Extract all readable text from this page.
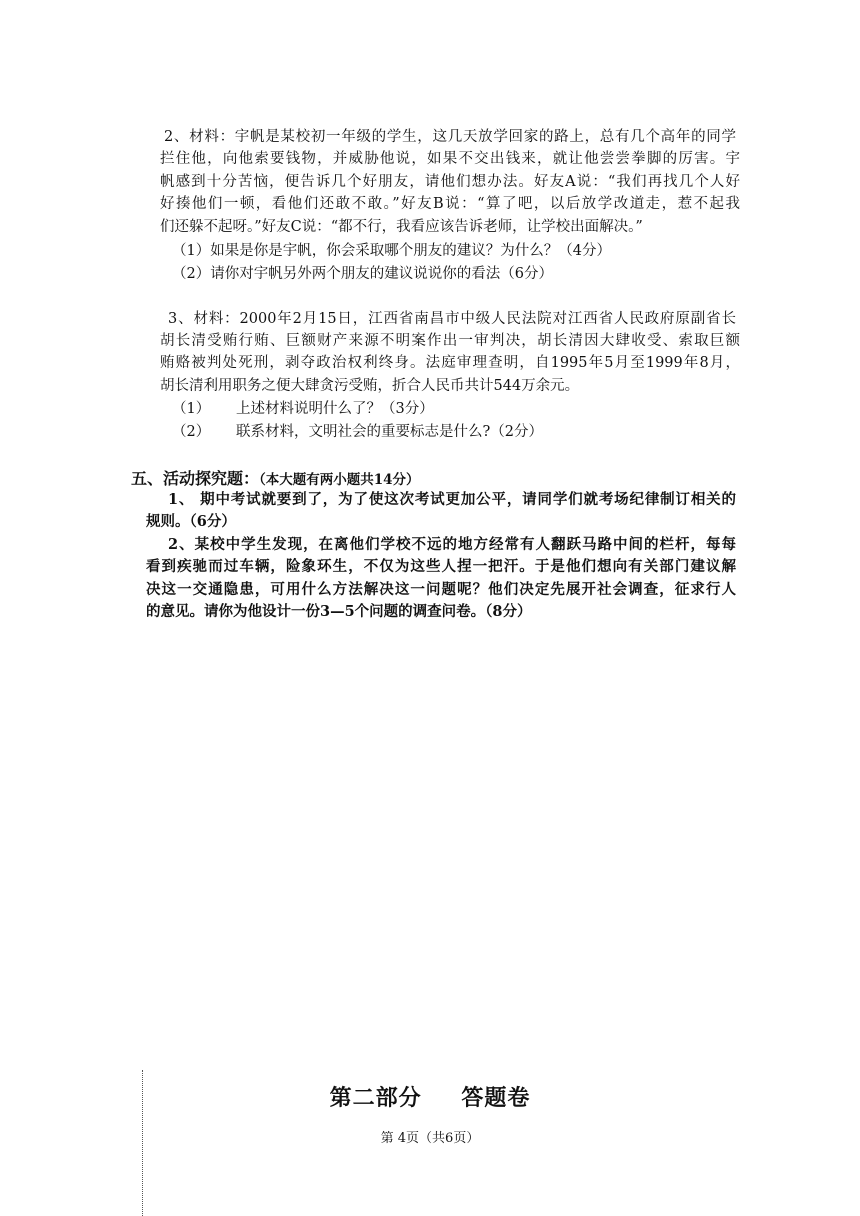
2、材料：宇帆是某校初一年级的学生，这几天放学回家的路上，总有几个高年的同学
拦住他，向他索要钱物，并威胁他说，如果不交出钱来，就让他尝尝拳脚的厉害。宇
帆感到十分苦恼，便告诉几个好朋友，请他们想办法。好友A说：“我们再找几个人好
好揍他们一顿，看他们还敢不敢。”好友B说：“算了吧，以后放学改道走，惹不起我
们还躲不起呀。”好友C说：“都不行，我看应该告诉老师，让学校出面解决。”
（1）如果是你是宇帆，你会采取哪个朋友的建议？为什么？（4分）
（2）请你对宇帆另外两个朋友的建议说说你的看法（6分）
3、材料：2000年2月15日，江西省南昌市中级人民法院对江西省人民政府原副省长
胡长清受贿行贿、巨额财产来源不明案作出一审判决，胡长清因大肆收受、索取巨额
贿赂被判处死刑，剥夺政治权利终身。法庭审理查明，自1995年5月至1999年8月，
胡长清利用职务之便大肆贪污受贿，折合人民币共计544万余元。
（1） 上述材料说明什么了？（3分）
（2） 联系材料，文明社会的重要标志是什么?（2分）
五、活动探究题：（本大题有两小题共14分）
1、 期中考试就要到了，为了使这次考试更加公平，请同学们就考场纪律制订相关的
规则。（6分）
2、某校中学生发现，在离他们学校不远的地方经常有人翻跃马路中间的栏杆，每每
看到疾驰而过车辆，险象环生，不仅为这些人捏一把汗。于是他们想向有关部门建议解
决这一交通隐患，可用什么方法解决这一问题呢？他们决定先展开社会调查，征求行人
的意见。请你为他设计一份3—5个问题的调查问卷。（8分）
第二部分　 答题卷
第 4页（共6页）
